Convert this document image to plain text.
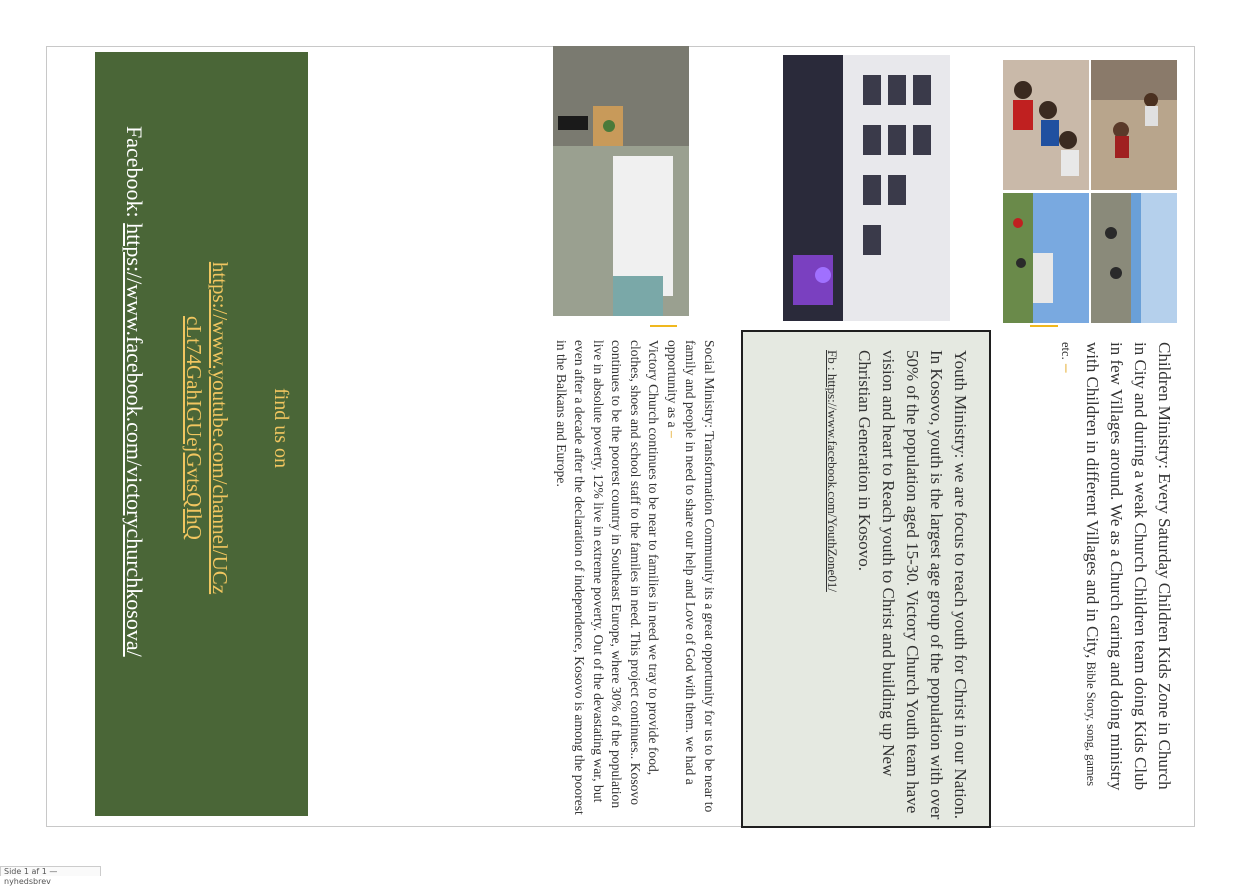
find us on
https://www.youtube.com/channel/UCzcLt74GahIGUejGvtsQIhQ
Facebook: https://www.facebook.com/victorychurchkosova/	Children Ministry: Every Saturday Children Kids Zone in Church in City and during a weak Church Children team doing Kids Club in few Villages around. We as a Church caring and doing ministry with Children in different Villages and in City, Bible Story, song, games etc. –
Youth Ministry: we are focus to reach youth for Christ in our Nation. In Kosovo, youth is the largest age group of the population with over 50% of the population aged 15-30. Victory Church Youth team have vision and heart to Reach youth to Christ and building up New Christian Generation in Kosovo.
Fb : https://www.facebook.com/YouthZone01/
Social Ministry: Transformation Community its a great opportunity for us to be near to family and people in need to share our help and Love of God with them. we had a opportunity as a –
Victory Church continues to be near to families in need we tray to provide food, clothes, shoes and school staff to the familes in need. This project continues.. Kosovo continues to be the poorest country in Southeast Europe, where 30% of the population live in absolute poverty, 12% live in extreme poverty. Out of the devastating war, but even after a decade after the declaration of independence, Kosovo is among the poorest in the Balkans and Europe.
Side 1 af 1 — nyhedsbrev
